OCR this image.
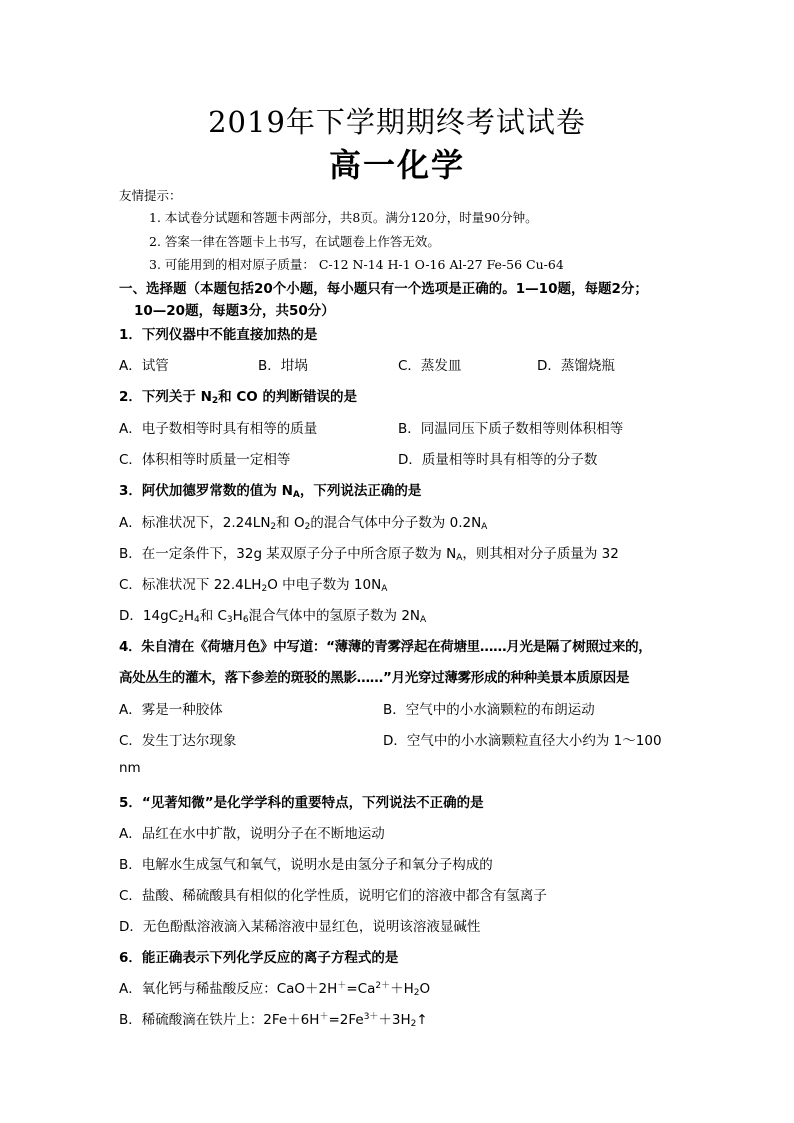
2019年下学期期终考试试卷
高一化学
友情提示：
1. 本试卷分试题和答题卡两部分，共8页。满分120分，时量90分钟。
2. 答案一律在答题卡上书写，在试题卷上作答无效。
3. 可能用到的相对原子质量： C-12 N-14 H-1 O-16 Al-27 Fe-56 Cu-64
一、选择题（本题包括20个小题，每小题只有一个选项是正确的。1—10题，每题2分；
10—20题，每题3分，共50分）
1．下列仪器中不能直接加热的是
A．试管	B．坩埚	C．蒸发皿	D．蒸馏烧瓶
2．下列关于 $N_2$和 CO 的判断错误的是
A．电子数相等时具有相等的质量	B．同温同压下质子数相等则体积相等
C．体积相等时质量一定相等	D．质量相等时具有相等的分子数
3．阿伏加德罗常数的值为 $N_A$，下列说法正确的是
A．标准状况下，$2.24LN_2$和 $O_2$的混合气体中分子数为 $0.2N_A$
B．在一定条件下，32g 某双原子分子中所含原子数为 $N_A$，则其相对分子质量为 32
C．标准状况下 $22.4LH_2O$ 中电子数为 $10N_A$
D．$14gC_2H_4$和 $C_3H_6$混合气体中的氢原子数为 $2N_A$
4．朱自清在《荷塘月色》中写道：“薄薄的青雾浮起在荷塘里……月光是隔了树照过来的，
高处丛生的灌木，落下参差的斑驳的黑影……”月光穿过薄雾形成的种种美景本质原因是
A．雾是一种胶体	B．空气中的小水滴颗粒的布朗运动
C．发生丁达尔现象	D．空气中的小水滴颗粒直径大小约为 1～100
nm
5．“见著知微”是化学学科的重要特点，下列说法不正确的是
A．品红在水中扩散，说明分子在不断地运动
B．电解水生成氢气和氧气，说明水是由氢分子和氧分子构成的
C．盐酸、稀硫酸具有相似的化学性质，说明它们的溶液中都含有氢离子
D．无色酚酞溶液滴入某稀溶液中显红色，说明该溶液显碱性
6．能正确表示下列化学反应的离子方程式的是
A．氧化钙与稀盐酸反应：$CaO+2H^+=Ca^{2+}+H_2O$
B．稀硫酸滴在铁片上：$2Fe+6H^+=2Fe^{3+}+3H_2↑$
